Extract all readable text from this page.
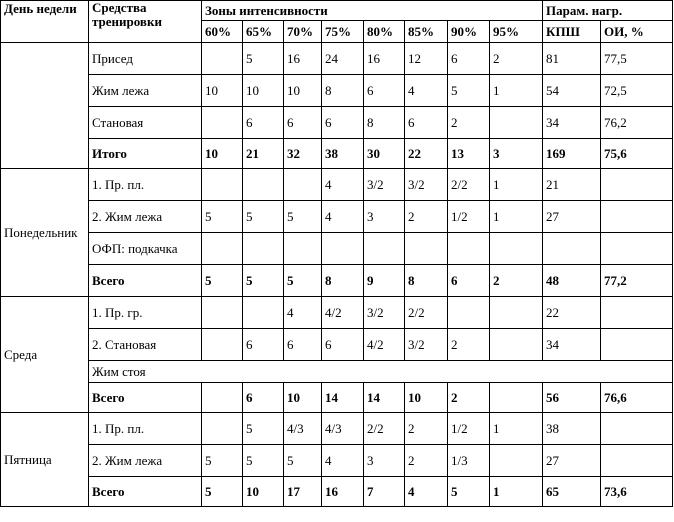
День недели	Средства тренировки	Зоны интенсивности								Парам. нагр.	
		60%	65%	70%	75%	80%	85%	90%	95%	КПШ	ОИ, %
	Присед		5	16	24	16	12	6	2	81	77,5
	Жим лежа	10	10	10	8	6	4	5	1	54	72,5
	Становая		6	6	6	8	6	2		34	76,2
	Итого	10	21	32	38	30	22	13	3	169	75,6
Понедельник	1. Пр. пл.				4	3/2	3/2	2/2	1	21	
	2. Жим лежа	5	5	5	4	3	2	1/2	1	27	
	ОФП: подкачка										
	Всего	5	5	5	8	9	8	6	2	48	77,2
Среда	1. Пр. гр.			4	4/2	3/2	2/2			22	
	2. Становая		6	6	6	4/2	3/2	2		34	
	Жим стоя										
	Всего		6	10	14	14	10	2		56	76,6
Пятница	1. Пр. пл.		5	4/3	4/3	2/2	2	1/2	1	38	
	2. Жим лежа	5	5	5	4	3	2	1/3		27	
	Всего	5	10	17	16	7	4	5	1	65	73,6
